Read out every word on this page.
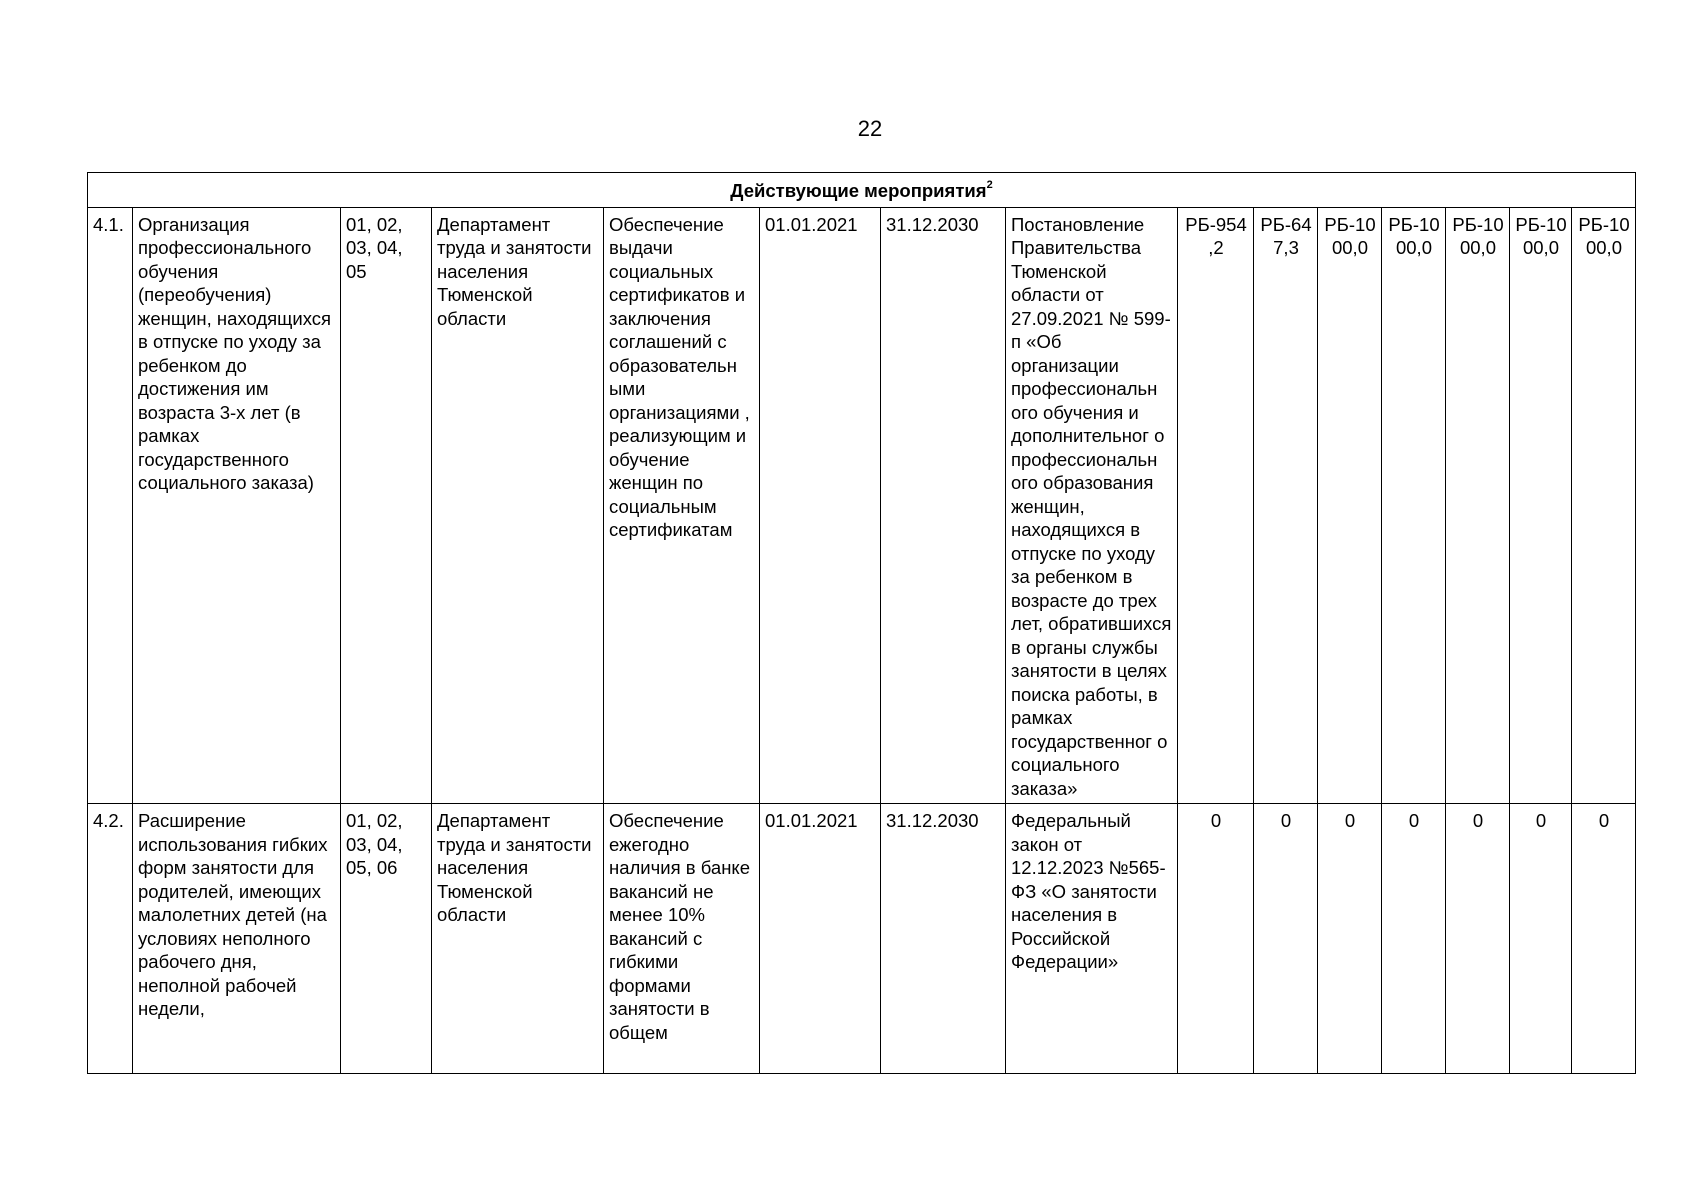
22
Действующие мероприятия$^2$
4.1.	Организация профессионального обучения (переобучения) женщин, находящихся в отпуске по уходу за ребенком до достижения им возраста 3-х лет (в рамках государственного социального заказа)	01, 02, 03, 04, 05	Департамент труда и занятости населения Тюменской области	Обеспечение выдачи социальных сертификатов и заключения соглашений с образовательн ыми организациями , реализующим и обучение женщин по социальным сертификатам	01.01.2021	31.12.2030	Постановление Правительства Тюменской области от 27.09.2021 № 599-п «Об организации профессиональн ого обучения и дополнительног о профессиональн ого образования женщин, находящихся в отпуске по уходу за ребенком в возрасте до трех лет, обратившихся в органы службы занятости в целях поиска работы, в рамках государственног о социального заказа»	РБ-954,2	РБ-647,3	РБ-1000,0	РБ-1000,0	РБ-1000,0	РБ-1000,0	РБ-1000,0
4.2.	Расширение использования гибких форм занятости для родителей, имеющих малолетних детей (на условиях неполного рабочего дня, неполной рабочей недели,	01, 02, 03, 04, 05, 06	Департамент труда и занятости населения Тюменской области	Обеспечение ежегодно наличия в банке вакансий не менее 10% вакансий с гибкими формами занятости в общем	01.01.2021	31.12.2030	Федеральный закон от 12.12.2023 №565-ФЗ «О занятости населения в Российской Федерации»	0	0	0	0	0	0	0
